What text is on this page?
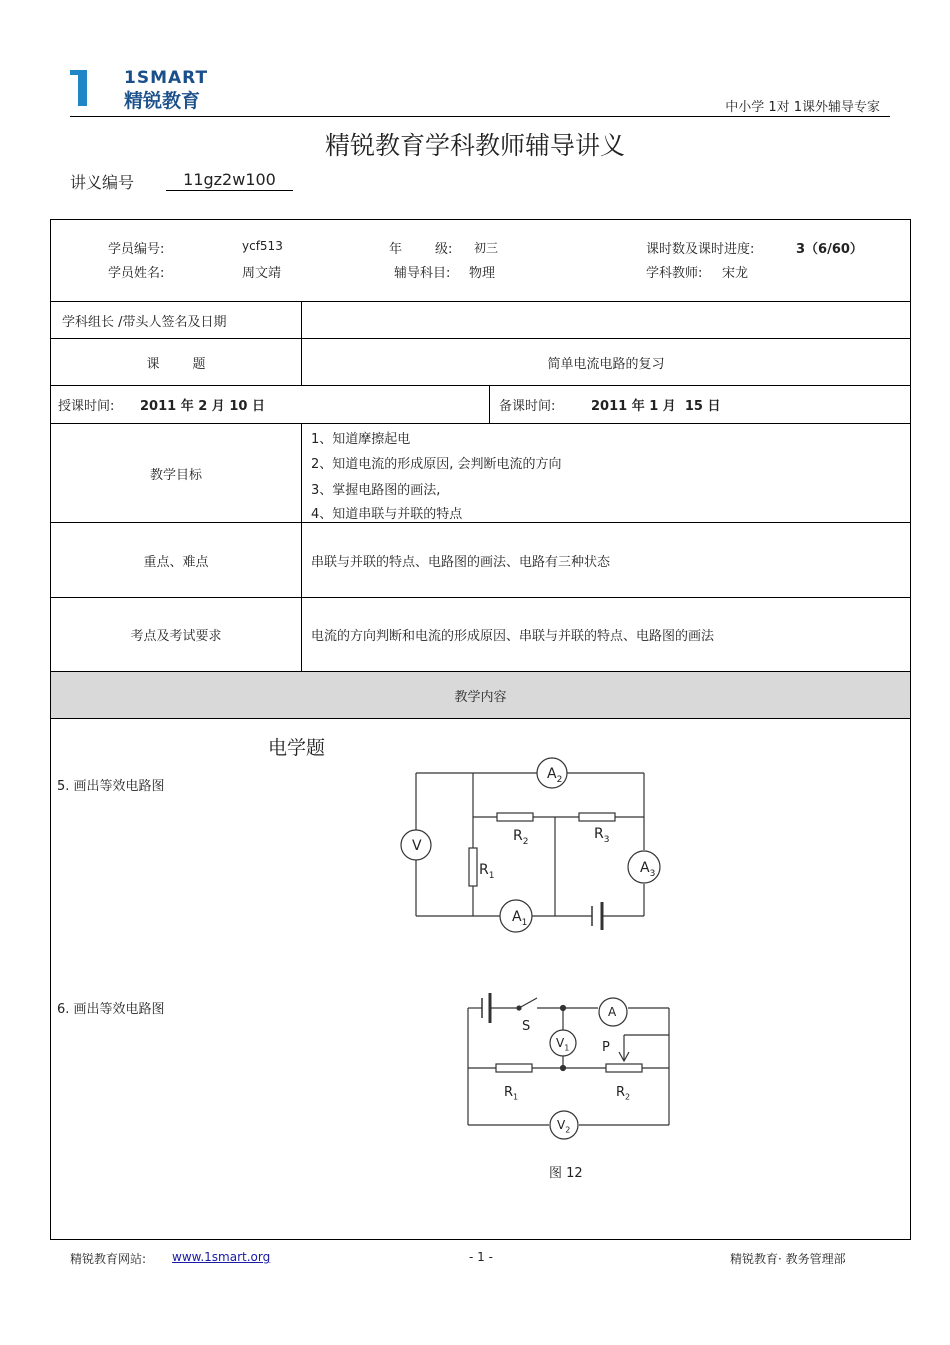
1SMART
精锐教育	中小学 1对 1课外辅导专家
精锐教育学科教师辅导讲义
讲义编号	11gz2w100
学员编号:	ycf513	年        级: 初三	课时数及课时进度:	3（6/60）
学员姓名:	周文靖	辅导科目: 物理	学科教师: 宋龙
学科组长 /带头人签名及日期
课        题	简单电流电路的复习
授课时间: 2011 年 2 月 10 日	备课时间:	2011 年 1 月  15 日
教学目标
1、知道摩擦起电
2、知道电流的形成原因, 会判断电流的方向
3、掌握电路图的画法,
4、知道串联与并联的特点
重点、难点	串联与并联的特点、电路图的画法、电路有三种状态
考点及考试要求	电流的方向判断和电流的形成原因、串联与并联的特点、电路图的画法
教学内容
电学题
5. 画出等效电路图
6. 画出等效电路图
$A_2$
V
$R_2$	$R_3$
$R_1$	$A_3$
$A_1$
S
A
$V_1$	P
$R_1$	$R_2$
$V_2$
图 12
精锐教育网站: www.1smart.org	- 1 -	精锐教育· 教务管理部
